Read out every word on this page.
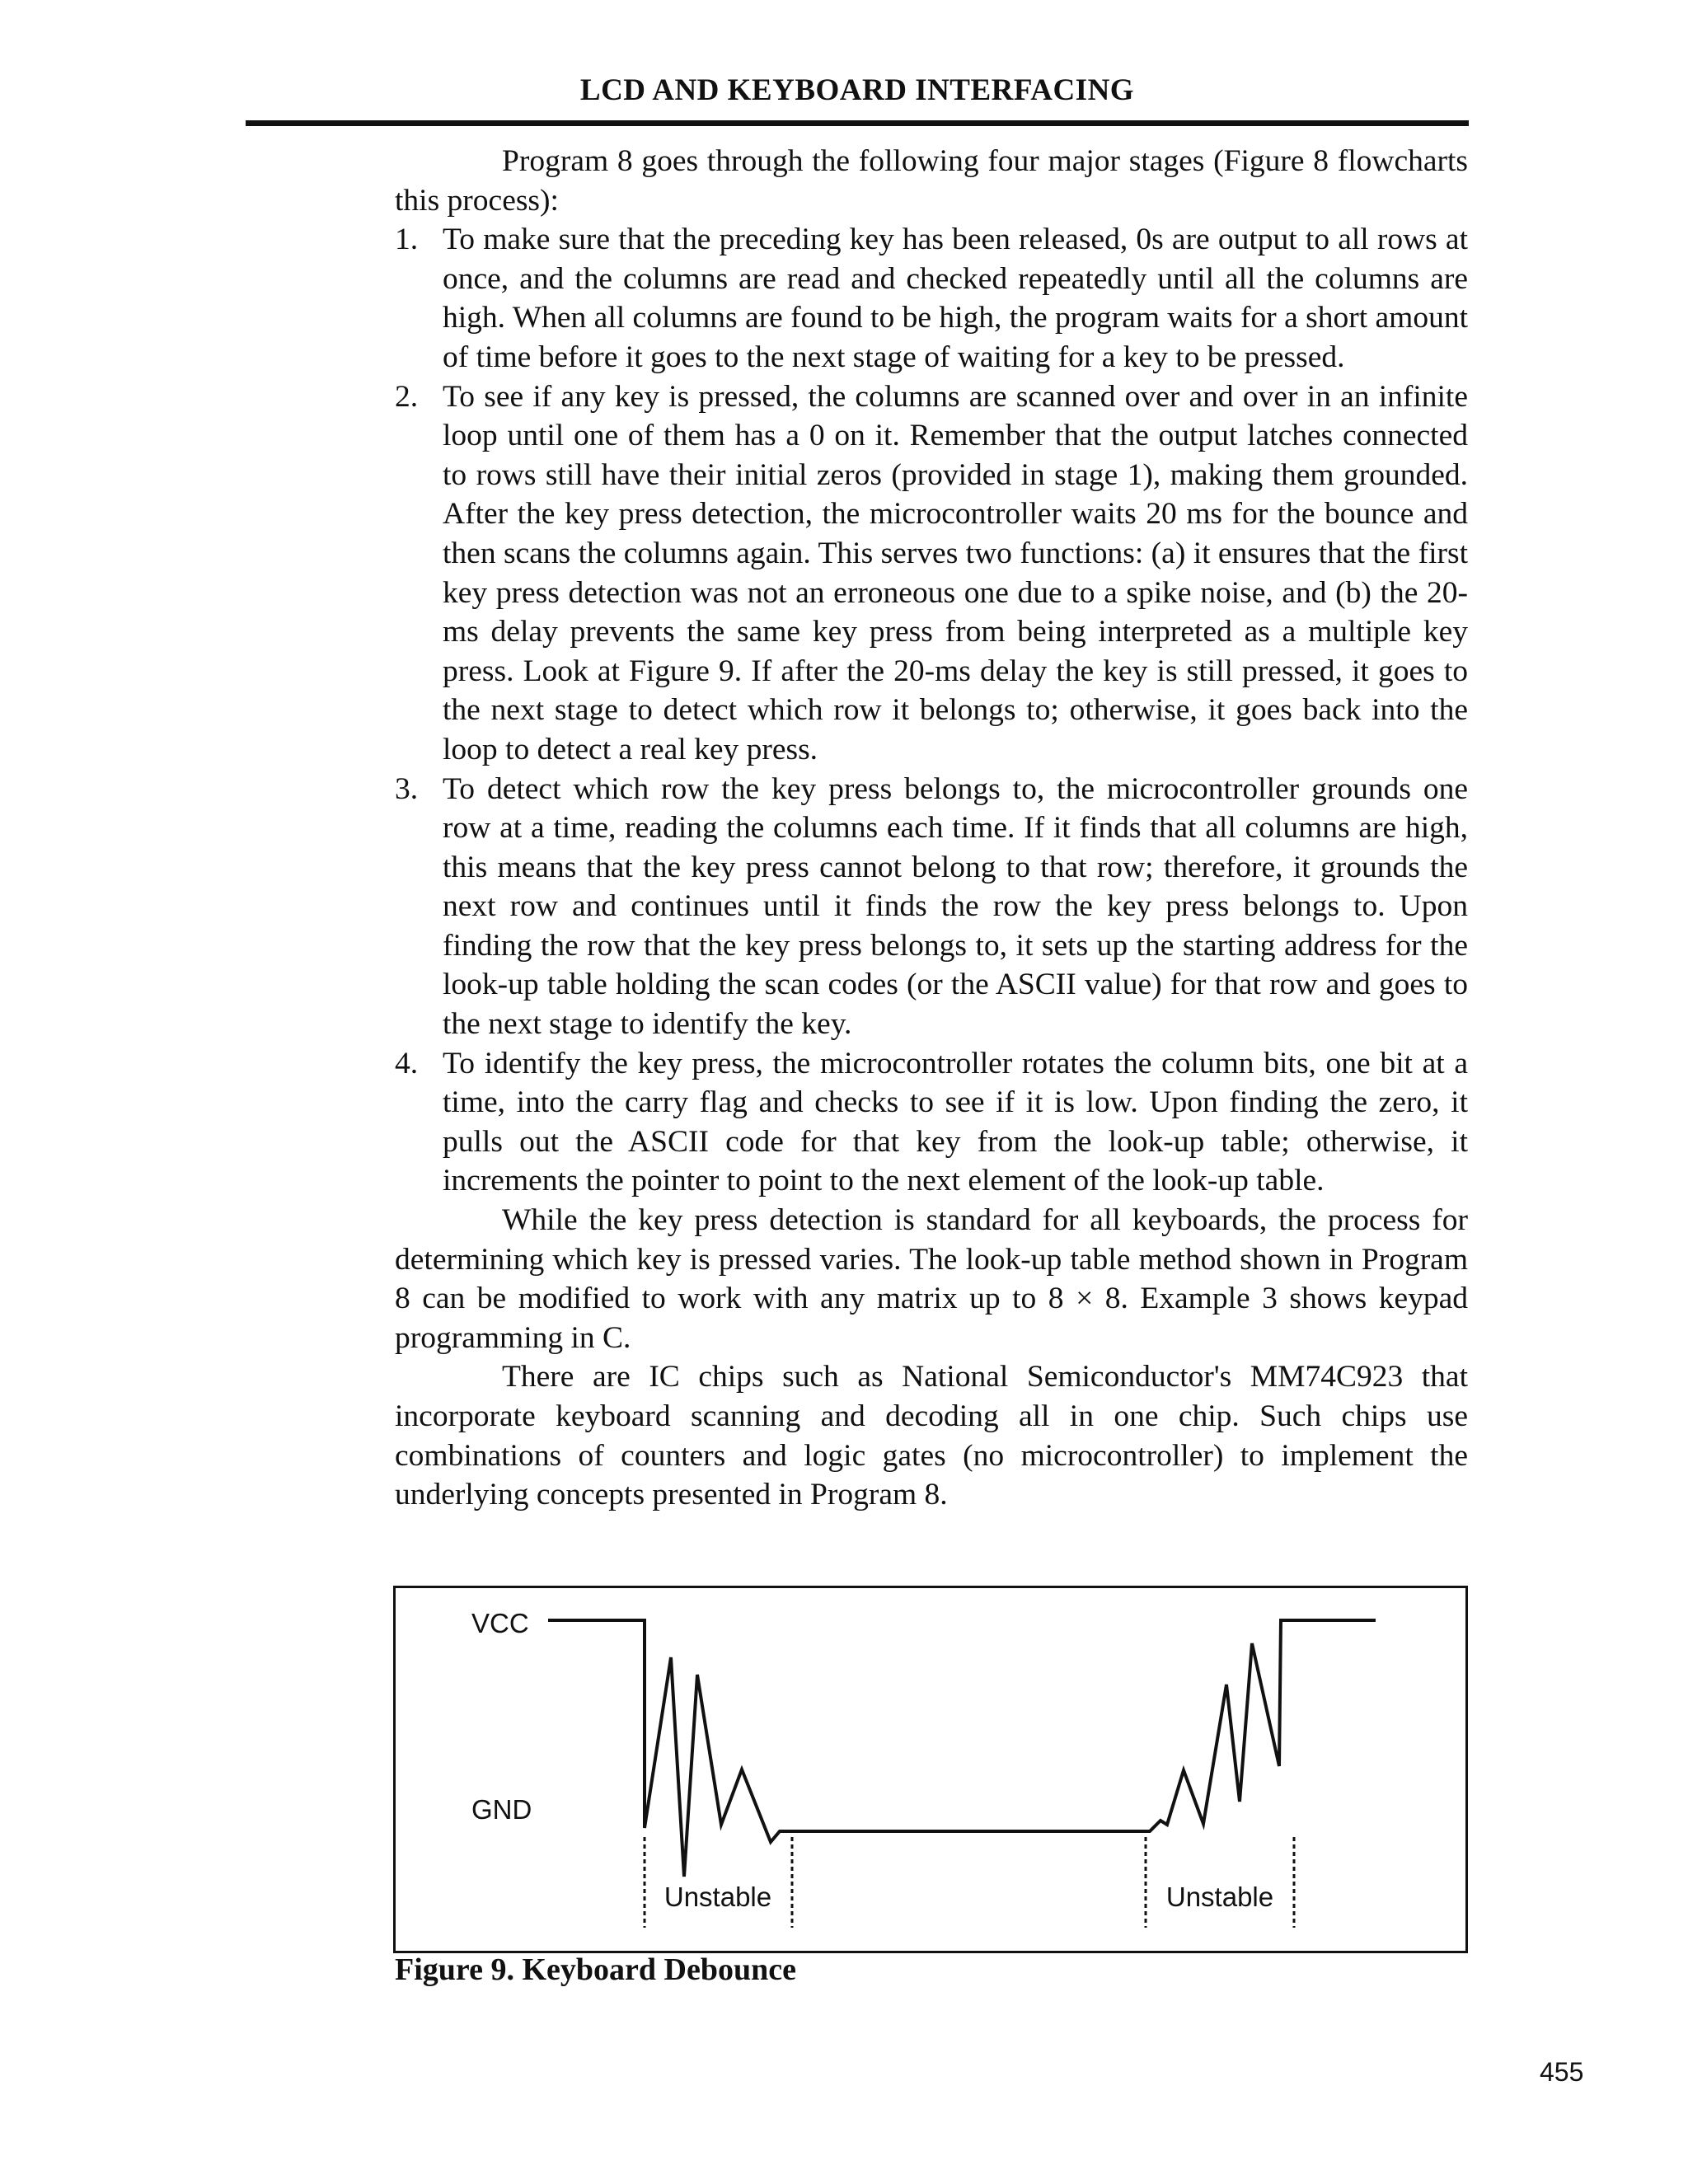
LCD AND KEYBOARD INTERFACING

Program 8 goes through the following four major stages (Figure 8 flowcharts this process):

1. To make sure that the preceding key has been released, 0s are output to all rows at once, and the columns are read and checked repeatedly until all the columns are high. When all columns are found to be high, the program waits for a short amount of time before it goes to the next stage of waiting for a key to be pressed.
2. To see if any key is pressed, the columns are scanned over and over in an infinite loop until one of them has a 0 on it. Remember that the output latches connected to rows still have their initial zeros (provided in stage 1), making them grounded. After the key press detection, the microcontroller waits 20 ms for the bounce and then scans the columns again. This serves two functions: (a) it ensures that the first key press detection was not an erroneous one due to a spike noise, and (b) the 20-ms delay prevents the same key press from being interpreted as a multiple key press. Look at Figure 9. If after the 20-ms delay the key is still pressed, it goes to the next stage to detect which row it belongs to; otherwise, it goes back into the loop to detect a real key press.
3. To detect which row the key press belongs to, the microcontroller grounds one row at a time, reading the columns each time. If it finds that all columns are high, this means that the key press cannot belong to that row; therefore, it grounds the next row and continues until it finds the row the key press belongs to. Upon finding the row that the key press belongs to, it sets up the starting address for the look-up table holding the scan codes (or the ASCII value) for that row and goes to the next stage to identify the key.
4. To identify the key press, the microcontroller rotates the column bits, one bit at a time, into the carry flag and checks to see if it is low. Upon finding the zero, it pulls out the ASCII code for that key from the look-up table; otherwise, it increments the pointer to point to the next element of the look-up table.

While the key press detection is standard for all keyboards, the process for determining which key is pressed varies. The look-up table method shown in Program 8 can be modified to work with any matrix up to 8 × 8. Example 3 shows keypad programming in C.

There are IC chips such as National Semiconductor's MM74C923 that incorporate keyboard scanning and decoding all in one chip. Such chips use combinations of counters and logic gates (no microcontroller) to implement the underlying concepts presented in Program 8.

VCC
GND
Unstable	Unstable
Figure 9. Keyboard Debounce
455
